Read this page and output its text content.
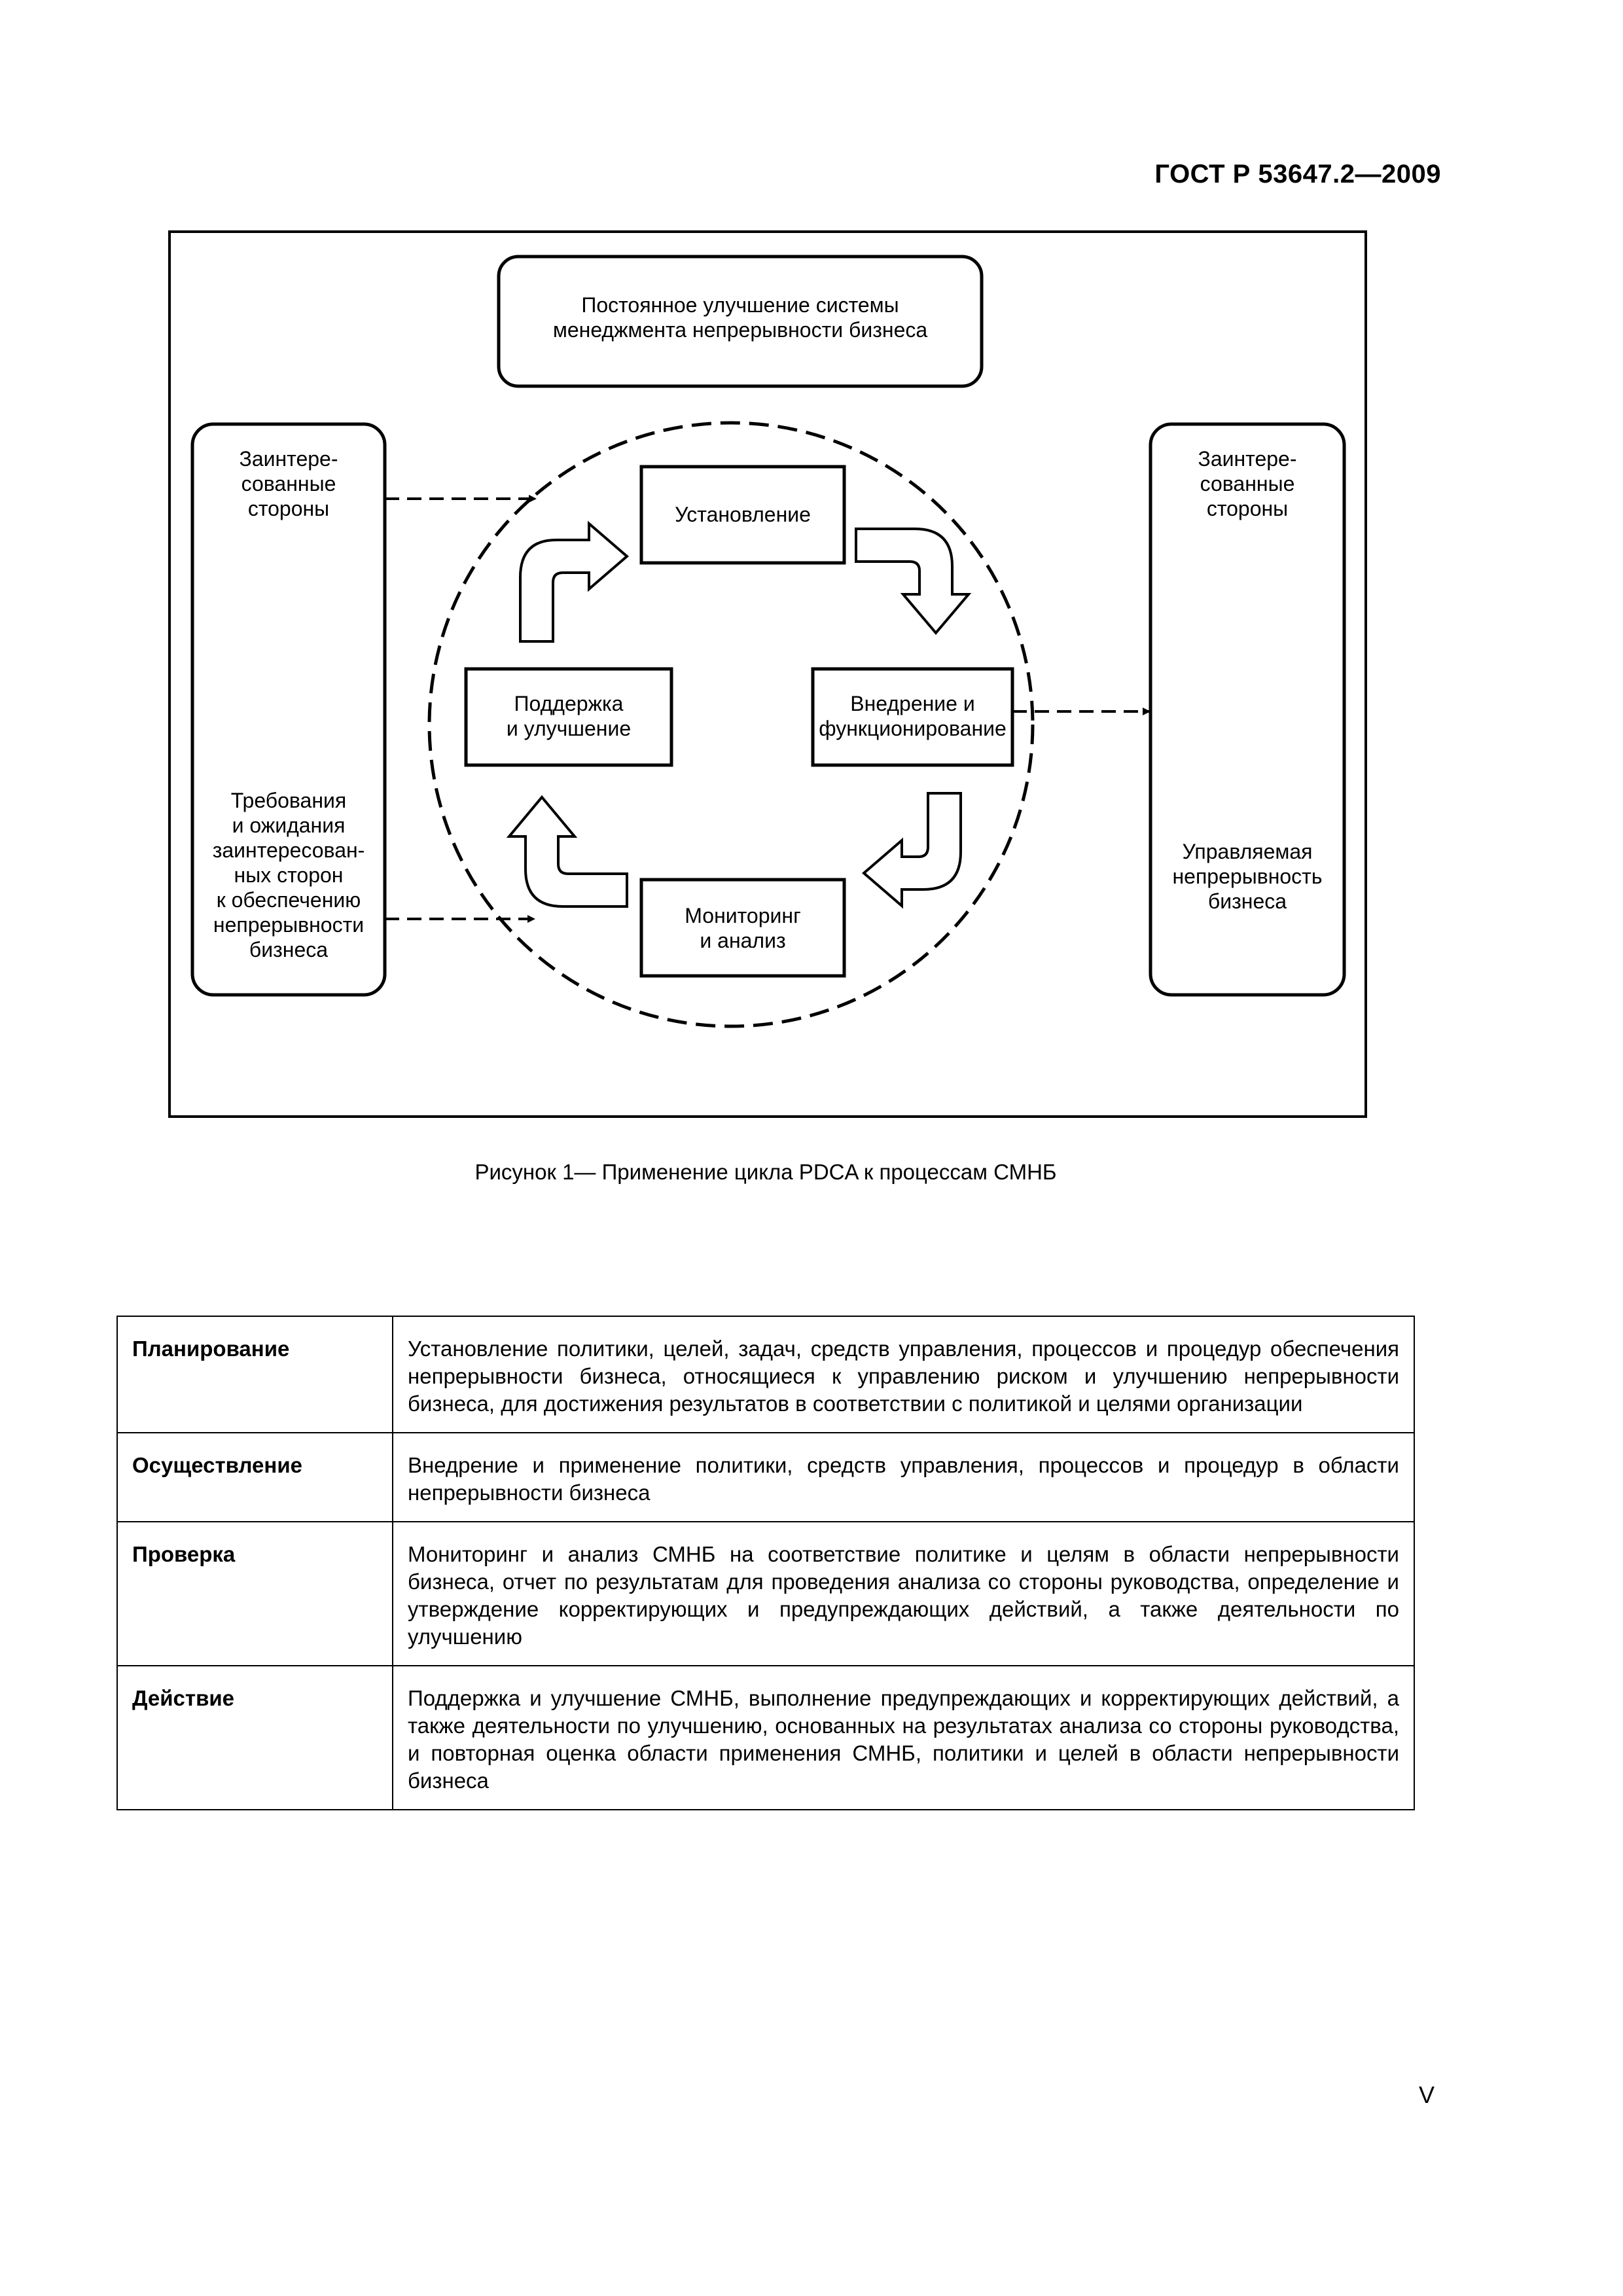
ГОСТ Р 53647.2—2009
Постоянное улучшение системы менеджмента непрерывности бизнеса
Заинтере-
сованные
стороны
Требования
и ожидания
заинтересован-
ных сторон
к обеспечению
непрерывности
бизнеса
Заинтере-
сованные
стороны
Управляемая
непрерывность
бизнеса
Установление
Внедрение и
функционирование
Мониторинг
и анализ
Поддержка
и улучшение
Рисунок 1— Применение цикла PDCA к процессам СМНБ
Планирование	Установление политики, целей, задач, средств управления, процессов и процедур обеспечения непрерывности бизнеса, относящиеся к управлению риском и улучшению непрерывности бизнеса, для достижения результатов в соответствии с политикой и целями организации
Осуществление	Внедрение и применение политики, средств управления, процессов и процедур в области непрерывности бизнеса
Проверка	Мониторинг и анализ СМНБ на соответствие политике и целям в области непрерывности бизнеса, отчет по результатам для проведения анализа со стороны руководства, определение и утверждение корректирующих и предупреждающих действий, а также деятельности по улучшению
Действие	Поддержка и улучшение СМНБ, выполнение предупреждающих и корректирующих действий, а также деятельности по улучшению, основанных на результатах анализа со стороны руководства, и повторная оценка области применения СМНБ, политики и целей в области непрерывности бизнеса
V
